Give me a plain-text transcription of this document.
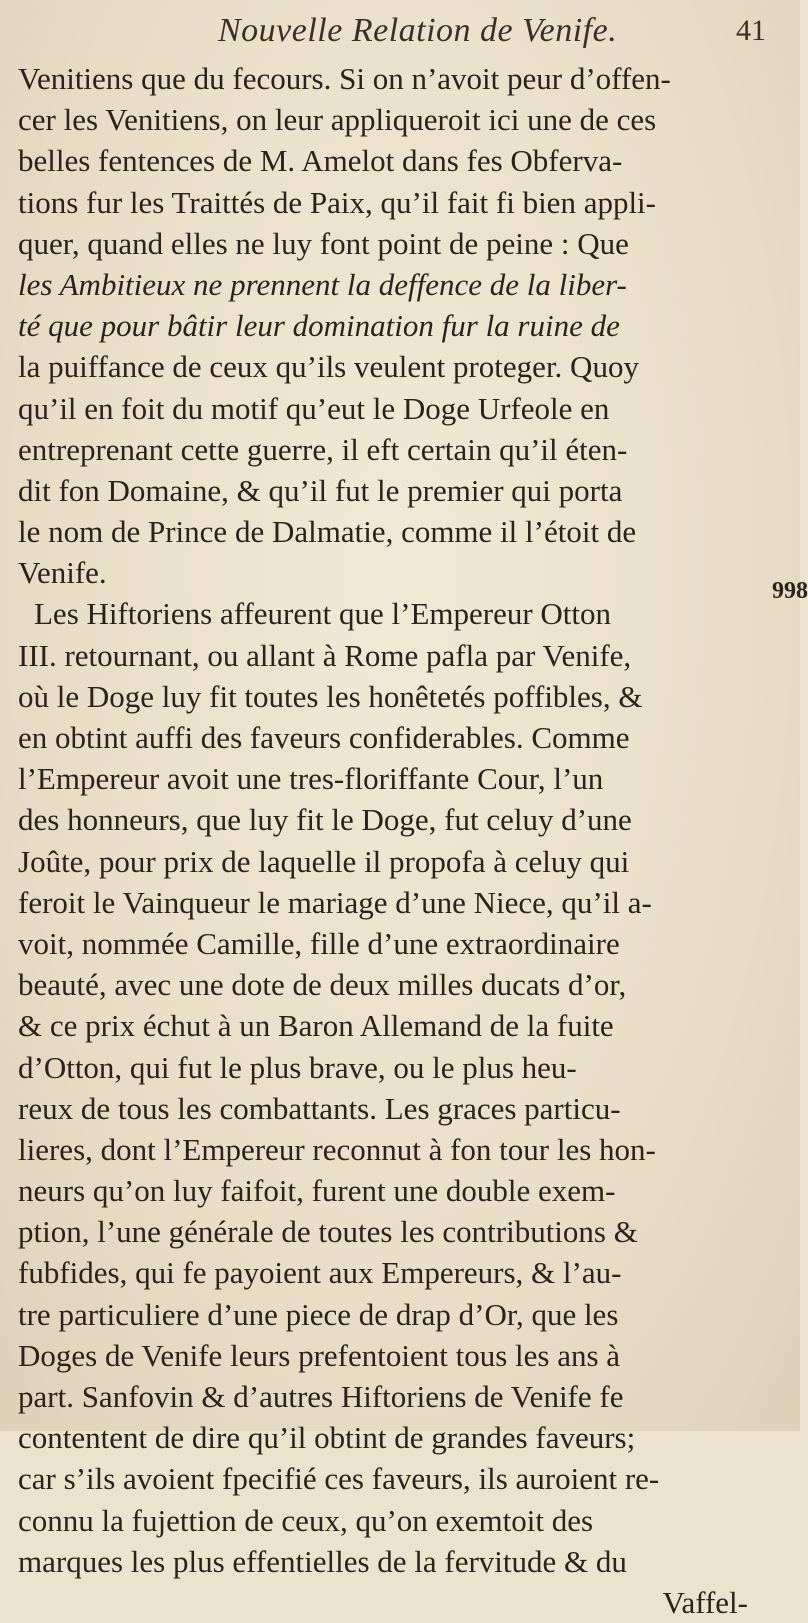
Nouvelle Relation de Venife.	41
998
Venitiens que du fecours. Si on n’avoit peur d’offen-
cer les Venitiens, on leur appliqueroit ici une de ces
belles fentences de M. Amelot dans fes Obferva-
tions fur les Traittés de Paix, qu’il fait fi bien appli-
quer, quand elles ne luy font point de peine : Que
les Ambitieux ne prennent la deffence de la liber-
té que pour bâtir leur domination fur la ruine de
la puiffance de ceux qu’ils veulent proteger. Quoy
qu’il en foit du motif qu’eut le Doge Urfeole en
entreprenant cette guerre, il eft certain qu’il éten-
dit fon Domaine, & qu’il fut le premier qui porta
le nom de Prince de Dalmatie, comme il l’étoit de
Venife.
Les Hiftoriens affeurent que l’Empereur Otton
III. retournant, ou allant à Rome pafla par Venife,
où le Doge luy fit toutes les honêtetés poffibles, &
en obtint auffi des faveurs confiderables. Comme
l’Empereur avoit une tres-floriffante Cour, l’un
des honneurs, que luy fit le Doge, fut celuy d’une
Joûte, pour prix de laquelle il propofa à celuy qui
feroit le Vainqueur le mariage d’une Niece, qu’il a-
voit, nommée Camille, fille d’une extraordinaire
beauté, avec une dote de deux milles ducats d’or,
& ce prix échut à un Baron Allemand de la fuite
d’Otton, qui fut le plus brave, ou le plus heu-
reux de tous les combattants. Les graces particu-
lieres, dont l’Empereur reconnut à fon tour les hon-
neurs qu’on luy faifoit, furent une double exem-
ption, l’une générale de toutes les contributions &
fubfides, qui fe payoient aux Empereurs, & l’au-
tre particuliere d’une piece de drap d’Or, que les
Doges de Venife leurs prefentoient tous les ans à
part. Sanfovin & d’autres Hiftoriens de Venife fe
contentent de dire qu’il obtint de grandes faveurs;
car s’ils avoient fpecifié ces faveurs, ils auroient re-
connu la fujettion de ceux, qu’on exemtoit des
marques les plus effentielles de la fervitude & du
Vaffel-
